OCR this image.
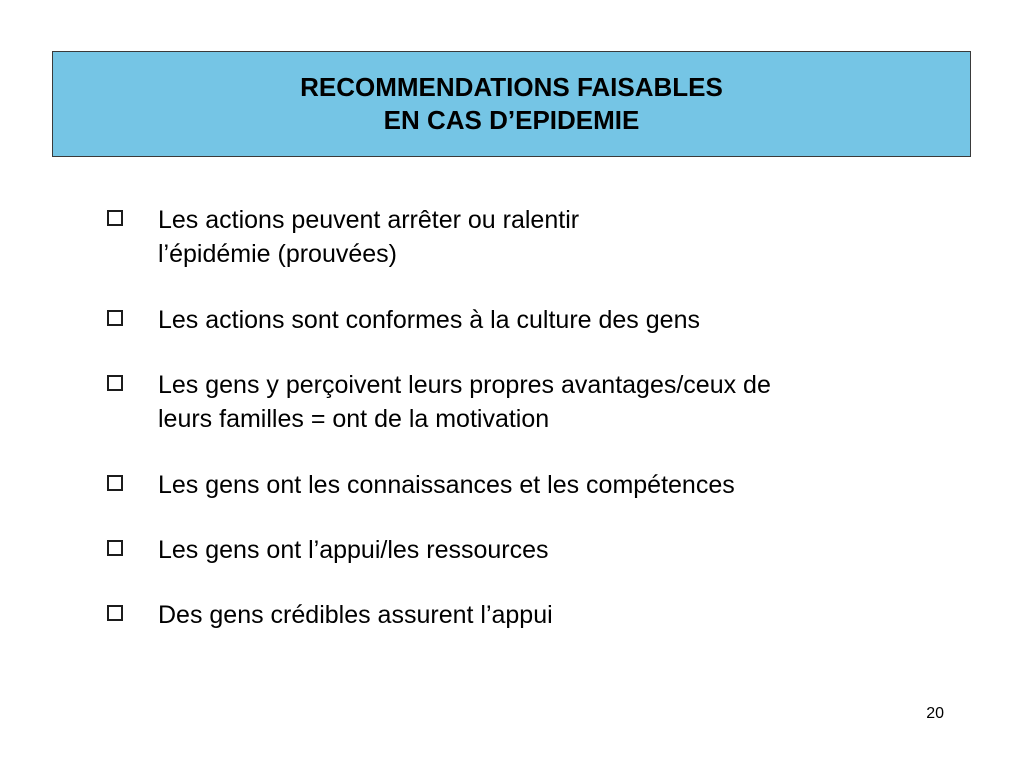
RECOMMENDATIONS FAISABLES
EN CAS D’EPIDEMIE
Les actions peuvent arrêter ou ralentir
l’épidémie (prouvées)
Les actions sont conformes à la culture des gens
Les gens y perçoivent leurs propres avantages/ceux de
leurs familles = ont de la motivation
Les gens ont les connaissances et les compétences
Les gens ont l’appui/les ressources
Des gens crédibles assurent l’appui
20
